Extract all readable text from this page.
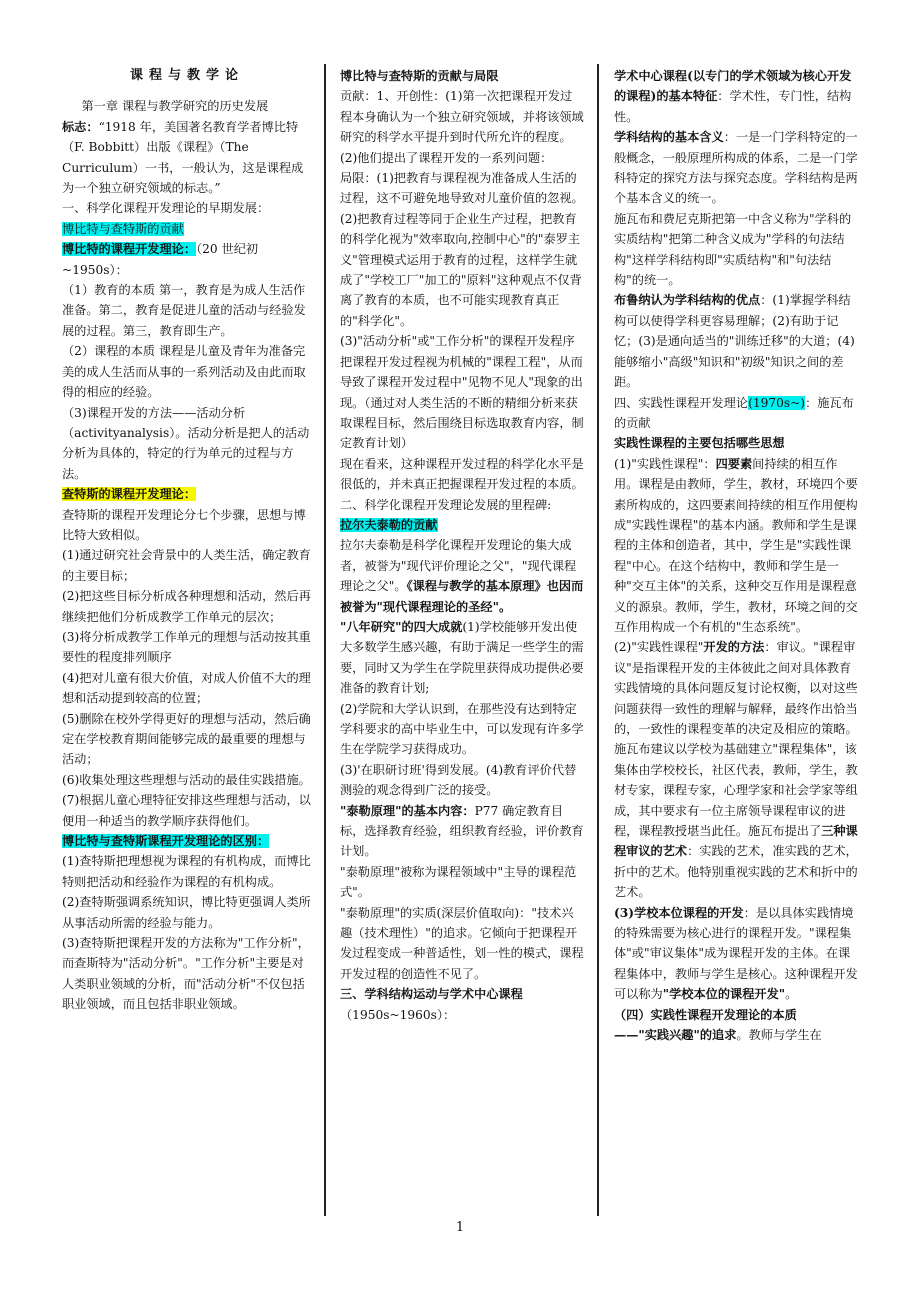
课程与教学论

第一章 课程与教学研究的历史发展

标志：“1918 年，美国著名教育学者博比特（F. Bobbitt）出版《课程》（The Curriculum）一书，一般认为，这是课程成为一个独立研究领域的标志。”

一、科学化课程开发理论的早期发展：

博比特与查特斯的贡献

博比特的课程开发理论：（20 世纪初~1950s）：

（1）教育的本质 第一，教育是为成人生活作准备。第二，教育是促进儿童的活动与经验发展的过程。第三，教育即生产。

（2）课程的本质 课程是儿童及青年为准备完美的成人生活而从事的一系列活动及由此而取得的相应的经验。

（3)课程开发的方法——活动分析（activityanalysis）。活动分析是把人的活动分析为具体的，特定的行为单元的过程与方法。

查特斯的课程开发理论：

查特斯的课程开发理论分七个步骤，思想与博比特大致相似。

(1)通过研究社会背景中的人类生活，确定教育的主要目标；

(2)把这些目标分析成各种理想和活动，然后再继续把他们分析成教学工作单元的层次；

(3)将分析成教学工作单元的理想与活动按其重要性的程度排列顺序

(4)把对儿童有很大价值，对成人价值不大的理想和活动提到较高的位置；

(5)删除在校外学得更好的理想与活动，然后确定在学校教育期间能够完成的最重要的理想与活动；

(6)收集处理这些理想与活动的最佳实践措施。

(7)根据儿童心理特征安排这些理想与活动，以便用一种适当的教学顺序获得他们。

博比特与查特斯课程开发理论的区别：

(1)查特斯把理想视为课程的有机构成，而博比特则把活动和经验作为课程的有机构成。

(2)查特斯强调系统知识，博比特更强调人类所从事活动所需的经验与能力。

(3)查特斯把课程开发的方法称为"工作分析"，而查斯特为"活动分析"。"工作分析"主要是对人类职业领域的分析，而"活动分析"不仅包括职业领域，而且包括非职业领域。

博比特与查特斯的贡献与局限

贡献：1、开创性：(1)第一次把课程开发过程本身确认为一个独立研究领域，并将该领域研究的科学水平提升到时代所允许的程度。(2)他们提出了课程开发的一系列问题：

局限：(1)把教育与课程视为准备成人生活的过程，这不可避免地导致对儿童价值的忽视。

(2)把教育过程等同于企业生产过程，把教育的科学化视为"效率取向,控制中心"的"泰罗主义"管理模式运用于教育的过程，这样学生就成了"学校工厂"加工的"原料"这种观点不仅背离了教育的本质，也不可能实现教育真正的"科学化"。

(3)"活动分析"或"工作分析"的课程开发程序把课程开发过程视为机械的"课程工程"，从而导致了课程开发过程中"见物不见人"现象的出现。（通过对人类生活的不断的精细分析来获取课程目标，然后围绕目标选取教育内容，制定教育计划）

现在看来，这种课程开发过程的科学化水平是很低的，并未真正把握课程开发过程的本质。

二、科学化课程开发理论发展的里程碑:

拉尔夫泰勒的贡献

拉尔夫泰勒是科学化课程开发理论的集大成者，被誉为"现代评价理论之父"，"现代课程理论之父"。《课程与教学的基本原理》也因而被誉为"现代课程理论的圣经"。

"八年研究"的四大成就(1)学校能够开发出使大多数学生感兴趣，有助于满足一些学生的需要，同时又为学生在学院里获得成功提供必要准备的教育计划;

(2)学院和大学认识到，在那些没有达到特定学科要求的高中毕业生中，可以发现有许多学生在学院学习获得成功。

(3)'在职研讨班'得到发展。(4)教育评价代替测验的观念得到广泛的接受。

"泰勒原理"的基本内容：P77 确定教育目标，选择教育经验，组织教育经验，评价教育计划。

"泰勒原理"被称为课程领域中"主导的课程范式"。

"泰勒原理"的实质(深层价值取向)："技术兴趣（技术理性）"的追求。它倾向于把课程开发过程变成一种普适性，划一性的模式，课程开发过程的创造性不见了。

三、学科结构运动与学术中心课程

（1950s~1960s）：

学术中心课程(以专门的学术领域为核心开发的课程)的基本特征：学术性，专门性，结构性。

学科结构的基本含义：一是一门学科特定的一般概念，一般原理所构成的体系，二是一门学科特定的探究方法与探究态度。学科结构是两个基本含义的统一。

施瓦布和费尼克斯把第一中含义称为"学科的实质结构"把第二种含义成为"学科的句法结构"这样学科结构即"实质结构"和"句法结构"的统一。

布鲁纳认为学科结构的优点：(1)掌握学科结构可以使得学科更容易理解；(2)有助于记忆；(3)是通向适当的"训练迁移"的大道；(4)能够缩小"高级"知识和"初级"知识之间的差距。

四、实践性课程开发理论(1970s~)：施瓦布的贡献

实践性课程的主要包括哪些思想

(1)"实践性课程"：四要素间持续的相互作用。课程是由教师，学生，教材，环境四个要素所构成的，这四要素间持续的相互作用便构成"实践性课程"的基本内涵。教师和学生是课程的主体和创造者，其中，学生是"实践性课程"中心。在这个结构中，教师和学生是一种"交互主体"的关系，这种交互作用是课程意义的源泉。教师，学生，教材，环境之间的交互作用构成一个有机的"生态系统"。

(2)"实践性课程"开发的方法：审议。"课程审议"是指课程开发的主体彼此之间对具体教育实践情境的具体问题反复讨论权衡，以对这些问题获得一致性的理解与解释，最终作出恰当的，一致性的课程变革的决定及相应的策略。施瓦布建议以学校为基础建立"课程集体"，该集体由学校校长，社区代表，教师，学生，教材专家，课程专家，心理学家和社会学家等组成，其中要求有一位主席领导课程审议的进程，课程教授堪当此任。施瓦布提出了三种课程审议的艺术：实践的艺术，准实践的艺术，折中的艺术。他特别重视实践的艺术和折中的艺术。

(3)学校本位课程的开发：是以具体实践情境的特殊需要为核心进行的课程开发。"课程集体"或"审议集体"成为课程开发的主体。在课程集体中，教师与学生是核心。这种课程开发可以称为"学校本位的课程开发"。

（四）实践性课程开发理论的本质

——"实践兴趣"的追求。教师与学生在

1
